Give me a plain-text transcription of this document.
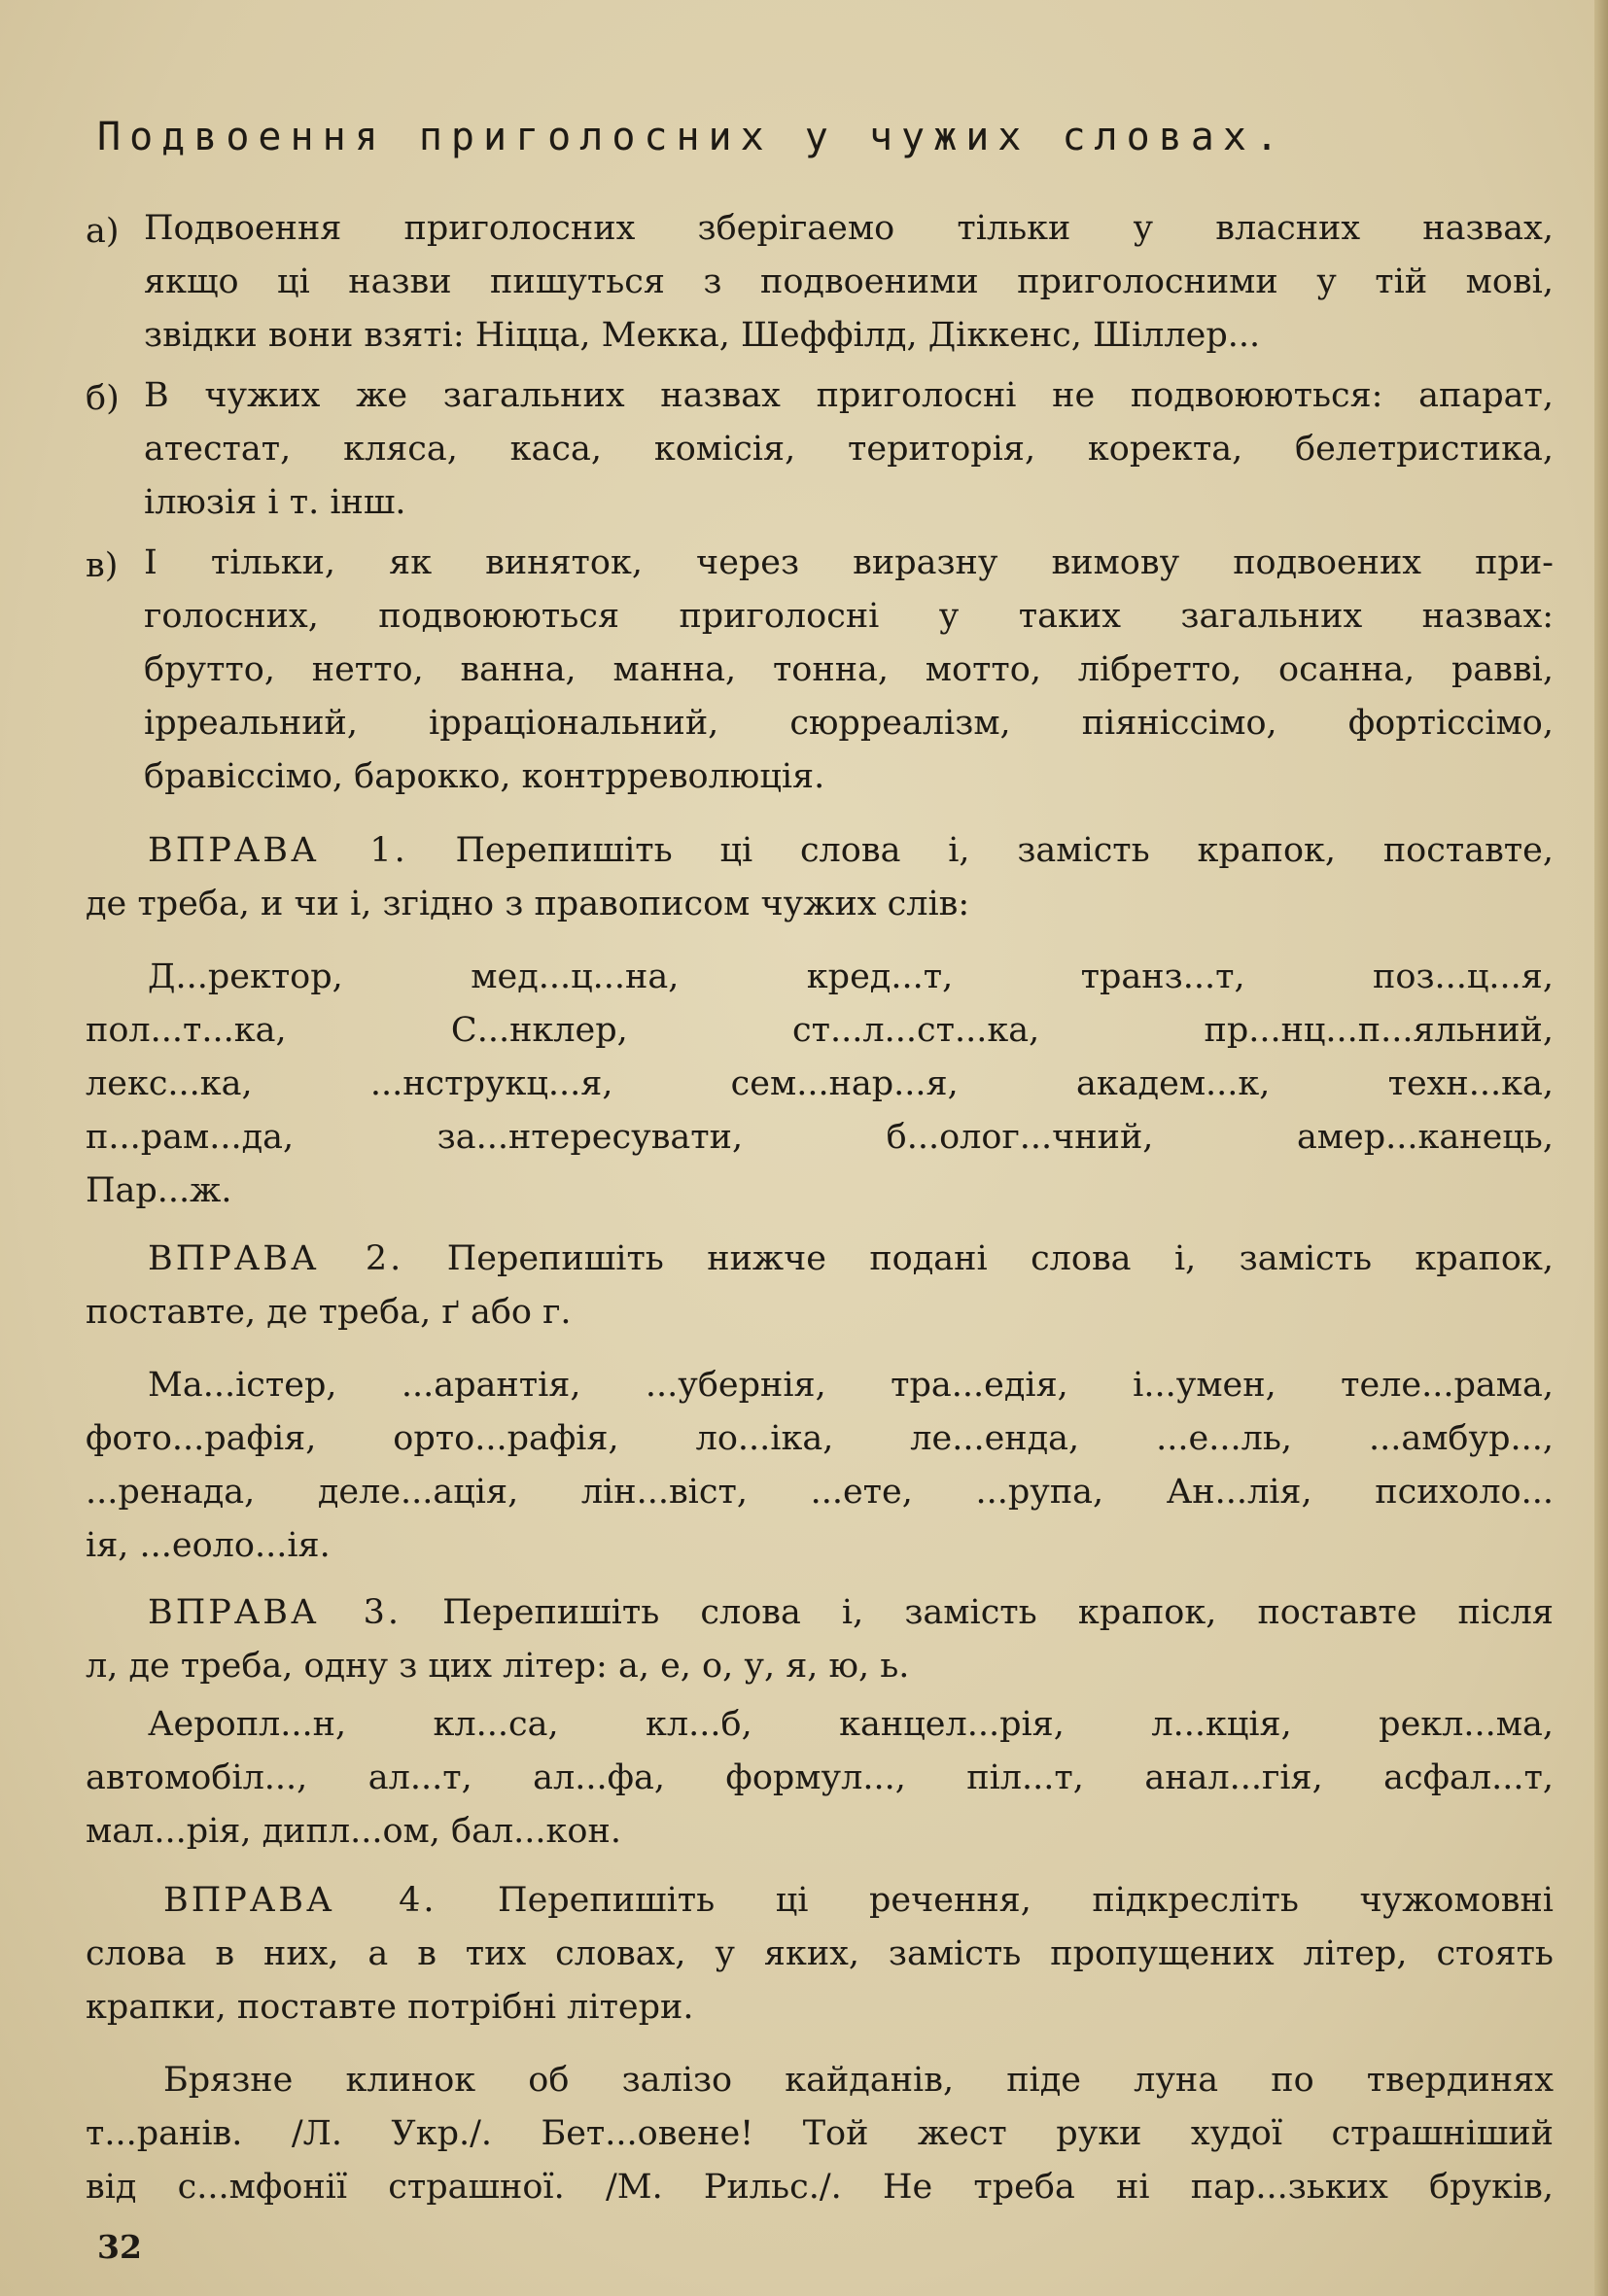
Подвоення приголосних у чужих словах.
а) Подвоення приголосних зберігаемо тільки у власних назвах,
якщо ці назви пишуться з подвоеними приголосними у тій мові,
звідки вони взяті: Ніцца, Мекка, Шеффілд, Діккенс, Шіллер...
б) В чужих же загальних назвах приголосні не подвоюються: апарат,
атестат, кляса, каса, комісія, територія, коректа, белетристика,
ілюзія і т. інш.
в) І тільки, як виняток, через виразну вимову подвоених при-
голосних, подвоюються приголосні у таких загальних назвах:
брутто, нетто, ванна, манна, тонна, мотто, лібретто, осанна, равві,
ірреальний, ірраціональний, сюрреалізм, піяніссімо, фортіссімо,
бравіссімо, барокко, контрреволюція.
ВПРАВА 1. Перепишіть ці слова і, замість крапок, поставте,
де треба, и чи і, згідно з правописом чужих слів:
Д...ректор, мед...ц...на, кред...т, транз...т, поз...ц...я,
пол...т...ка, С...нклер, ст...л...ст...ка, пр...нц...п...яльний,
лекс...ка, ...нструкц...я, сем...нар...я, академ...к, техн...ка,
п...рам...да, за...нтересувати, б...олог...чний, амер...канець,
Пар...ж.
ВПРАВА 2. Перепишіть нижче подані слова і, замість крапок,
поставте, де треба, ґ або г.
Ма...істер, ...арантія, ...убернія, тра...едія, і...умен, теле...рама,
фото...рафія, орто...рафія, ло...іка, ле...енда, ...е...ль, ...амбур...,
...ренада, деле...ація, лін...віст, ...ете, ...рупа, Ан...лія, психоло...
ія, ...еоло...ія.
ВПРАВА 3. Перепишіть слова і, замість крапок, поставте після
л, де треба, одну з цих літер: а, е, о, у, я, ю, ь.
Аеропл...н, кл...са, кл...б, канцел...рія, л...кція, рекл...ма,
автомобіл..., ал...т, ал...фа, формул..., піл...т, анал...гія, асфал...т,
мал...рія, дипл...ом, бал...кон.
ВПРАВА 4. Перепишіть ці речення, підкресліть чужомовні
слова в них, а в тих словах, у яких, замість пропущених літер, стоять
крапки, поставте потрібні літери.
Брязне клинок об залізо кайданів, піде луна по твердинях
т...ранів. /Л. Укр./. Бет...овене! Той жест руки худої страшніший
від с...мфонії страшної. /М. Рильс./. Не треба ні пар...зьких бруків,
32
